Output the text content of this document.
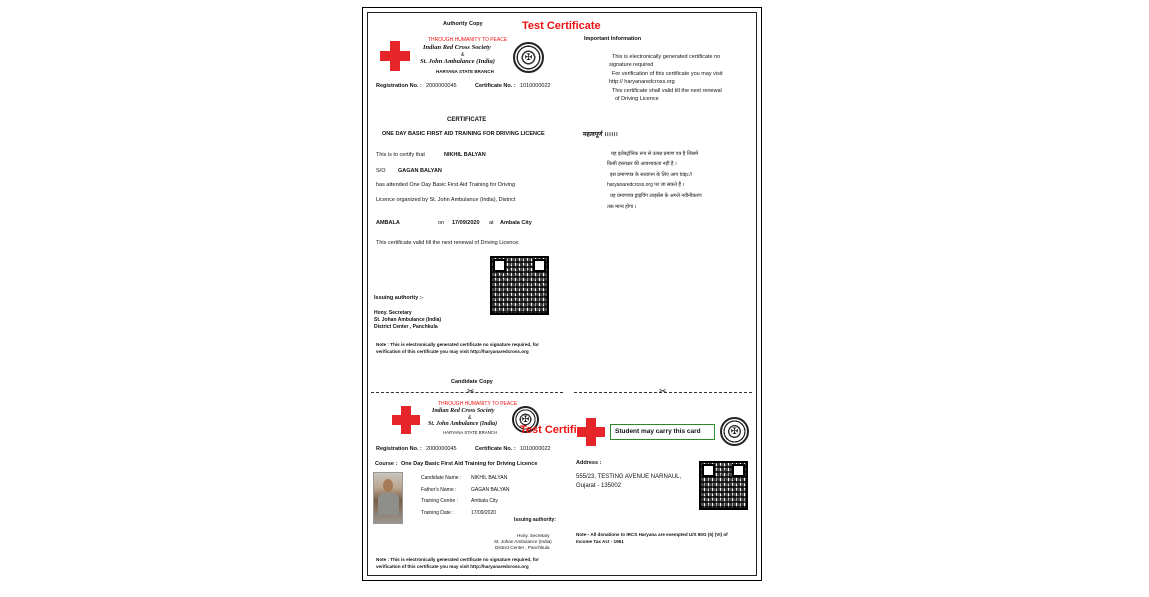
Authority Copy	Test Certificate
THROUGH HUMANITY TO PEACE
Indian Red Cross Society
&
St. John Ambulance (India)
HARYANA STATE BRANCH
✠
Registration No. : 2000000045	Certificate No. : 1010000022
CERTIFICATE
ONE DAY BASIC FIRST AID TRAINING FOR DRIVING LICENCE
This is to certify that	NIKHIL BALYAN
S/O GAGAN BALYAN
has attended One Day Basic First Aid Training for Driving
Licence organized by St. John Ambulance (India), District
AMBALA	on 17/09/2020 at Ambala City
This certificate valid till the next renewal of Driving Licence.
Issuing authority :-
Hony. Secretary
St. Johan Ambulance (India)
District Center , Panchkula
Note : This is electronically generated certificate no signature required, for
verification of this certificate you may visit http://haryanaredcross.org
Important Information
This is electronically generated certificate no
signature required
For verification of this certificate you may visit
http:// haryanaredcross.org
This certificate shall valid till the next renewal
of Driving Licence
महत्वपूर्ण ।।।।।।
यह इलेक्ट्रॉनिक रूप से उत्पन्न प्रमाण पत्र है जिसमें
किसी हस्ताक्षर की आवश्यकता नहीं है ।
इस प्रमाणपत्र के सत्यापन के लिए आप http://
haryanaredcross.org पर जा सकते हैं ।
यह प्रमाणपत्र ड्राइविंग लाइसेंस के अगले नवीनीकरण
तक मान्य होगा ।
Candidate Copy
✂	✂
THROUGH HUMANITY TO PEACE
Indian Red Cross Society
&
St. John Ambulance (India)
HARYANA STATE BRANCH
✠
Test Certifi
Registration No. : 2000000045	Certificate No. : 1010000022
Course : One Day Basic First Aid Training for Driving Licence
Candidate Name : NIKHIL BALYAN
Father's Name :	GAGAN BALYAN
Training Centre :	Ambala City
Training Date :	17/09/2020
Issuing authority:
Hony. Secretary
St. Johan Ambulance (India)
District Center , Panchkula
Note : This is electronically generated certificate no signature required, for
verification of this certificate you may visit http://haryanaredcross.org
Student may carry this card	✠
Address :
555/23, TESTING AVENUE NARNAUL,
Gujarat - 135002
Note-- All donations to IRCS Haryana are exempted U/S 80G (5) (VI) of
Income Tax Act - 1961
